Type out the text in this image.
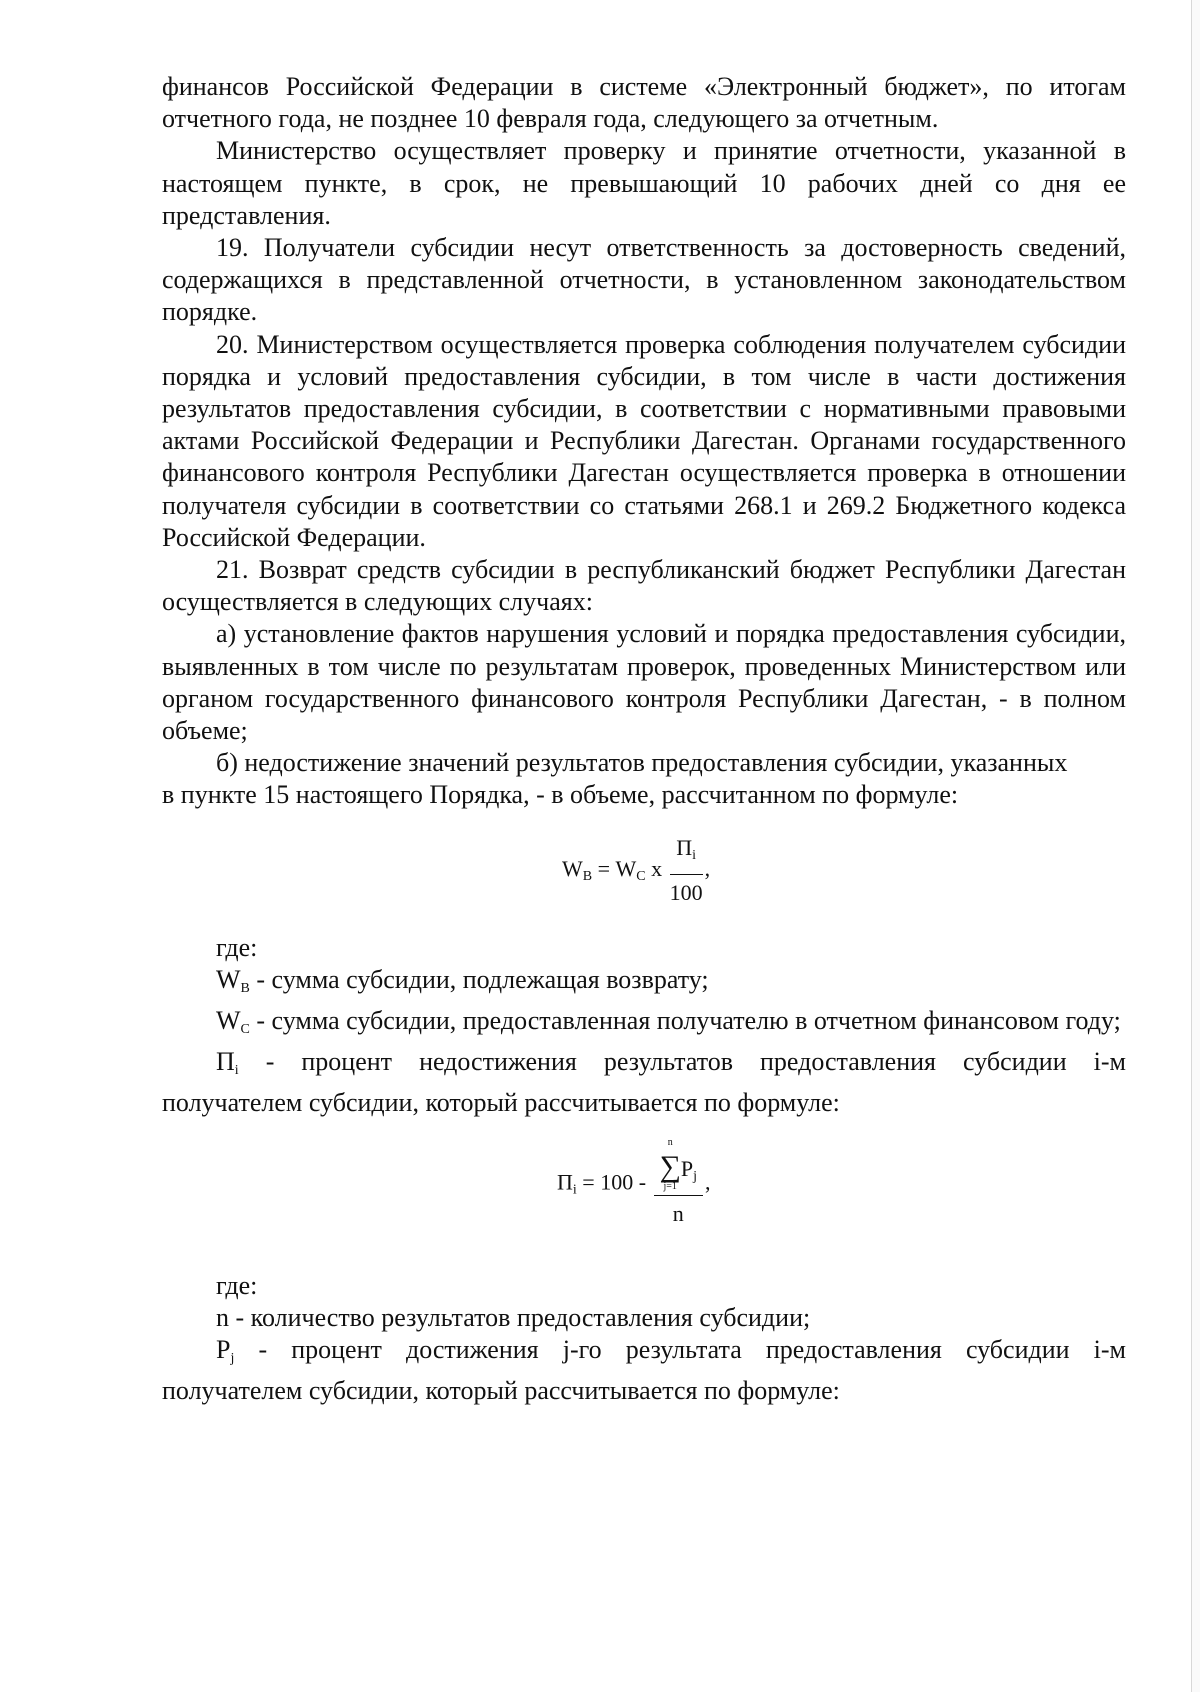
финансов Российской Федерации в системе «Электронный бюджет», по итогам отчетного года, не позднее 10 февраля года, следующего за отчетным.

Министерство осуществляет проверку и принятие отчетности, указанной в настоящем пункте, в срок, не превышающий 10 рабочих дней со дня ее представления.

19. Получатели субсидии несут ответственность за достоверность сведений, содержащихся в представленной отчетности, в установленном законодательством порядке.

20. Министерством осуществляется проверка соблюдения получателем субсидии порядка и условий предоставления субсидии, в том числе в части достижения результатов предоставления субсидии, в соответствии с нормативными правовыми актами Российской Федерации и Республики Дагестан. Органами государственного финансового контроля Республики Дагестан осуществляется проверка в отношении получателя субсидии в соответствии со статьями 268.1 и 269.2 Бюджетного кодекса Российской Федерации.

21. Возврат средств субсидии в республиканский бюджет Республики Дагестан осуществляется в следующих случаях:

а) установление фактов нарушения условий и порядка предоставления субсидии, выявленных в том числе по результатам проверок, проведенных Министерством или органом государственного финансового контроля Республики Дагестан, - в полном объеме;

б) недостижение значений результатов предоставления субсидии, указанных

в пункте 15 настоящего Порядка, - в объеме, рассчитанном по формуле:

$W_В = W_С$ х $\frac{П_i}{100}$ ,

где:

$W_В$ - сумма субсидии, подлежащая возврату;

$W_С$ - сумма субсидии, предоставленная получателю в отчетном финансовом году;

$П_i$ - процент недостижения результатов предоставления субсидии i-м получателем субсидии, который рассчитывается по формуле:

$П_i = 100 - n$
∑
j=1
$P_j$
n ,

где:

n - количество результатов предоставления субсидии;

$P_j$ - процент достижения j-го результата предоставления субсидии i-м получателем субсидии, который рассчитывается по формуле:
